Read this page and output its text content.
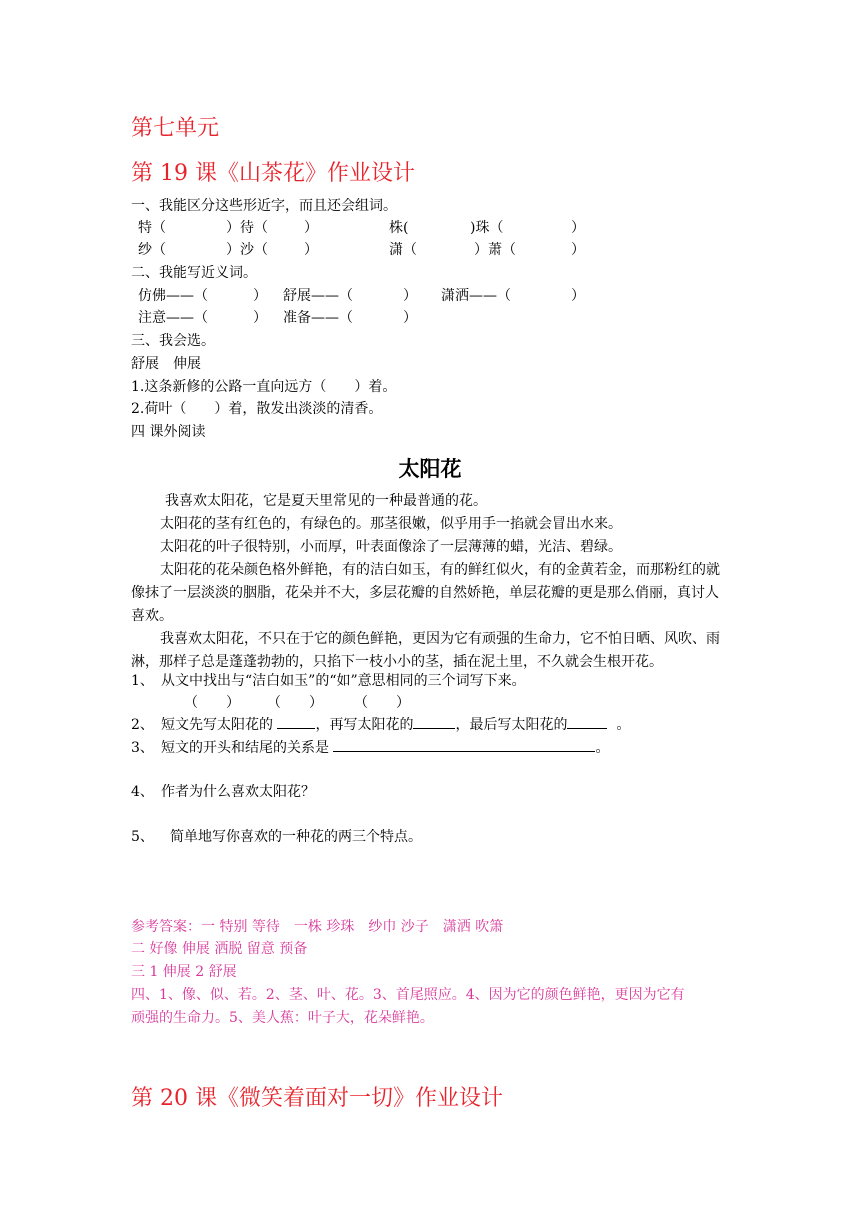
第七单元
第 19 课《山茶花》作业设计
一、我能区分这些形近字，而且还会组词。
特（	）待（	）	株(	)珠（	）
纱（	）沙（	）	潇（	）萧（	）
二、我能写近义词。
仿佛——（	） 舒展——（	） 潇洒——（	）
注意——（	） 准备——（	）
三、我会选。
舒展　伸展
1.这条新修的公路一直向远方（　　）着。
2.荷叶（　　）着，散发出淡淡的清香。
四 课外阅读
太阳花
我喜欢太阳花，它是夏天里常见的一种最普通的花。
太阳花的茎有红色的，有绿色的。那茎很嫩，似乎用手一掐就会冒出水来。
太阳花的叶子很特别，小而厚，叶表面像涂了一层薄薄的蜡，光洁、碧绿。
太阳花的花朵颜色格外鲜艳，有的洁白如玉，有的鲜红似火，有的金黄若金，而那粉红的就像抹了一层淡淡的胭脂，花朵并不大，多层花瓣的自然娇艳，单层花瓣的更是那么俏丽，真讨人喜欢。
我喜欢太阳花，不只在于它的颜色鲜艳，更因为它有顽强的生命力，它不怕日晒、风吹、雨淋，那样子总是蓬蓬勃勃的，只掐下一枝小小的茎，插在泥土里，不久就会生根开花。
1、 从文中找出与“洁白如玉”的“如”意思相同的三个词写下来。
（　　） （　　） （　　）
2、 短文先写太阳花的	，再写太阳花的	，最后写太阳花的	。
3、 短文的开头和结尾的关系是	。
4、 作者为什么喜欢太阳花？
5、 简单地写你喜欢的一种花的两三个特点。
参考答案：一 特别 等待　一株 珍珠　纱巾 沙子　潇洒 吹箫
二 好像 伸展 洒脱 留意 预备
三 1 伸展 2 舒展
四、1、像、似、若。2、茎、叶、花。3、首尾照应。4、因为它的颜色鲜艳，更因为它有
顽强的生命力。5、美人蕉：叶子大，花朵鲜艳。
第 20 课《微笑着面对一切》作业设计
